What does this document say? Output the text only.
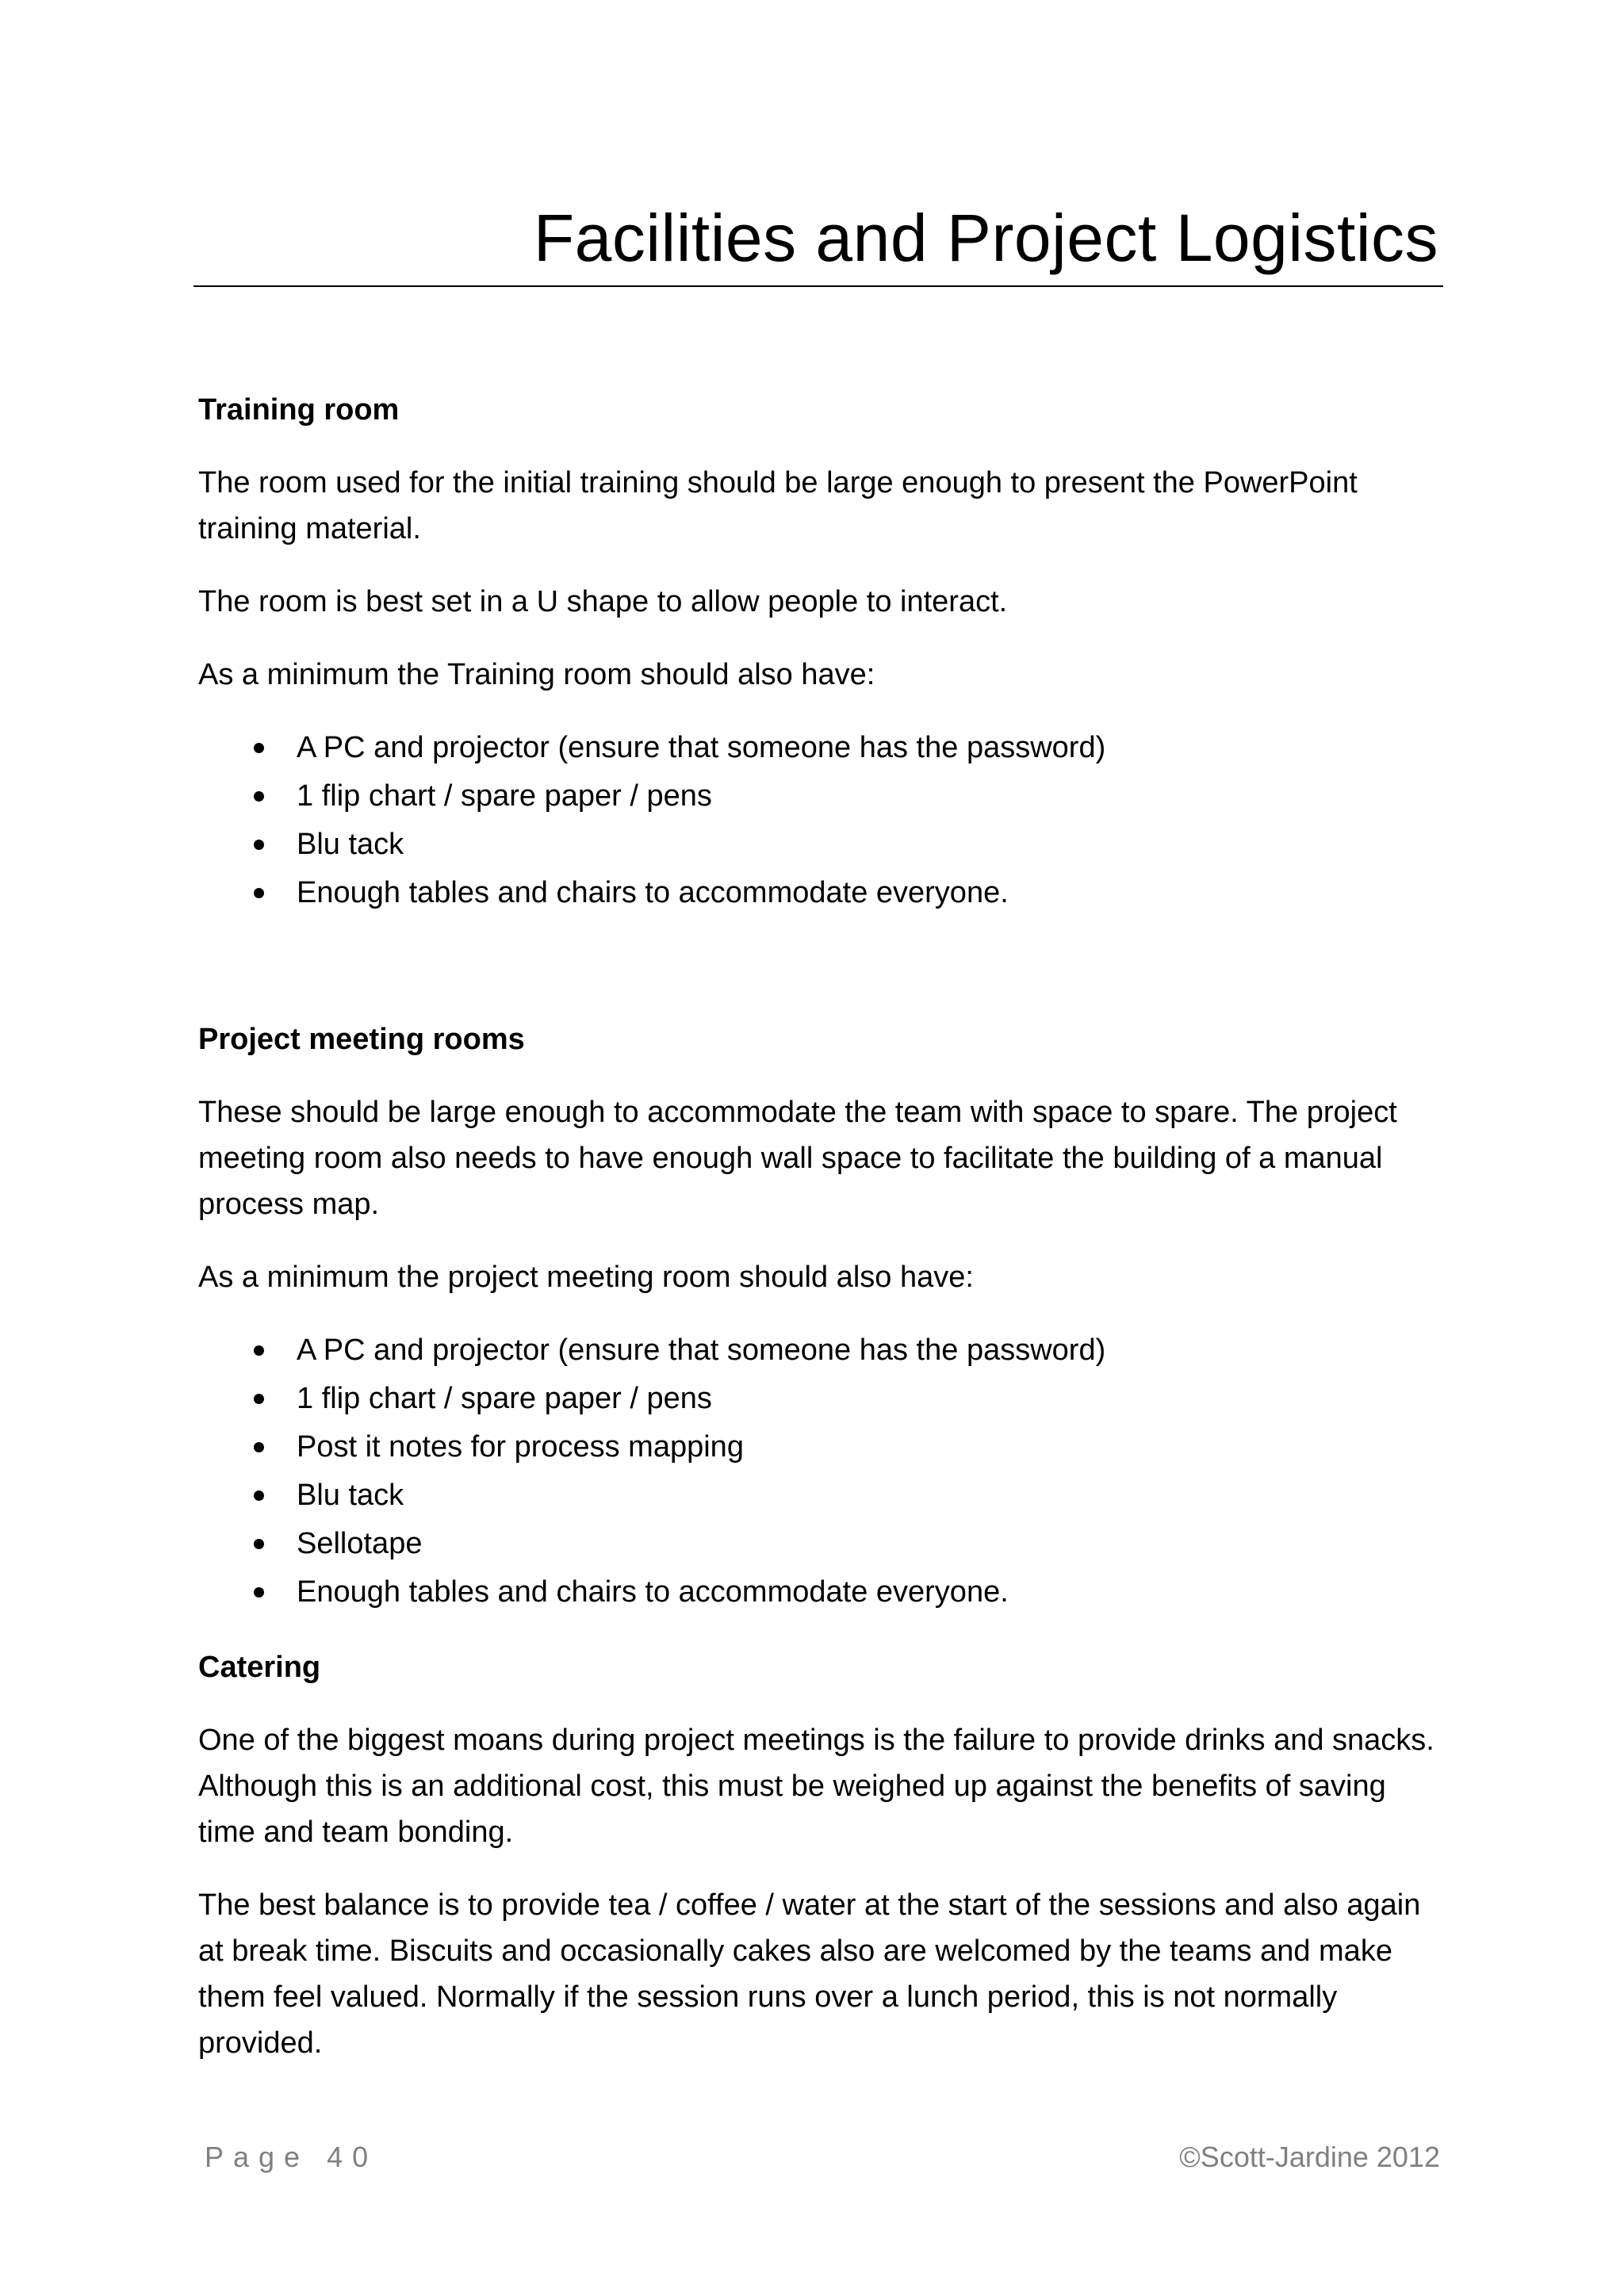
Facilities and Project Logistics

Training room

The room used for the initial training should be large enough to present the PowerPoint training material.

The room is best set in a U shape to allow people to interact.

As a minimum the Training room should also have:

A PC and projector (ensure that someone has the password)
1 flip chart / spare paper / pens
Blu tack
Enough tables and chairs to accommodate everyone.

Project meeting rooms

These should be large enough to accommodate the team with space to spare. The project meeting room also needs to have enough wall space to facilitate the building of a manual process map.

As a minimum the project meeting room should also have:

A PC and projector (ensure that someone has the password)
1 flip chart / spare paper / pens
Post it notes for process mapping
Blu tack
Sellotape
Enough tables and chairs to accommodate everyone.

Catering

One of the biggest moans during project meetings is the failure to provide drinks and snacks. Although this is an additional cost, this must be weighed up against the benefits of saving time and team bonding.

The best balance is to provide tea / coffee / water at the start of the sessions and also again at break time. Biscuits and occasionally cakes also are welcomed by the teams and make them feel valued. Normally if the session runs over a lunch period, this is not normally provided.

Page 40	©Scott-Jardine 2012
